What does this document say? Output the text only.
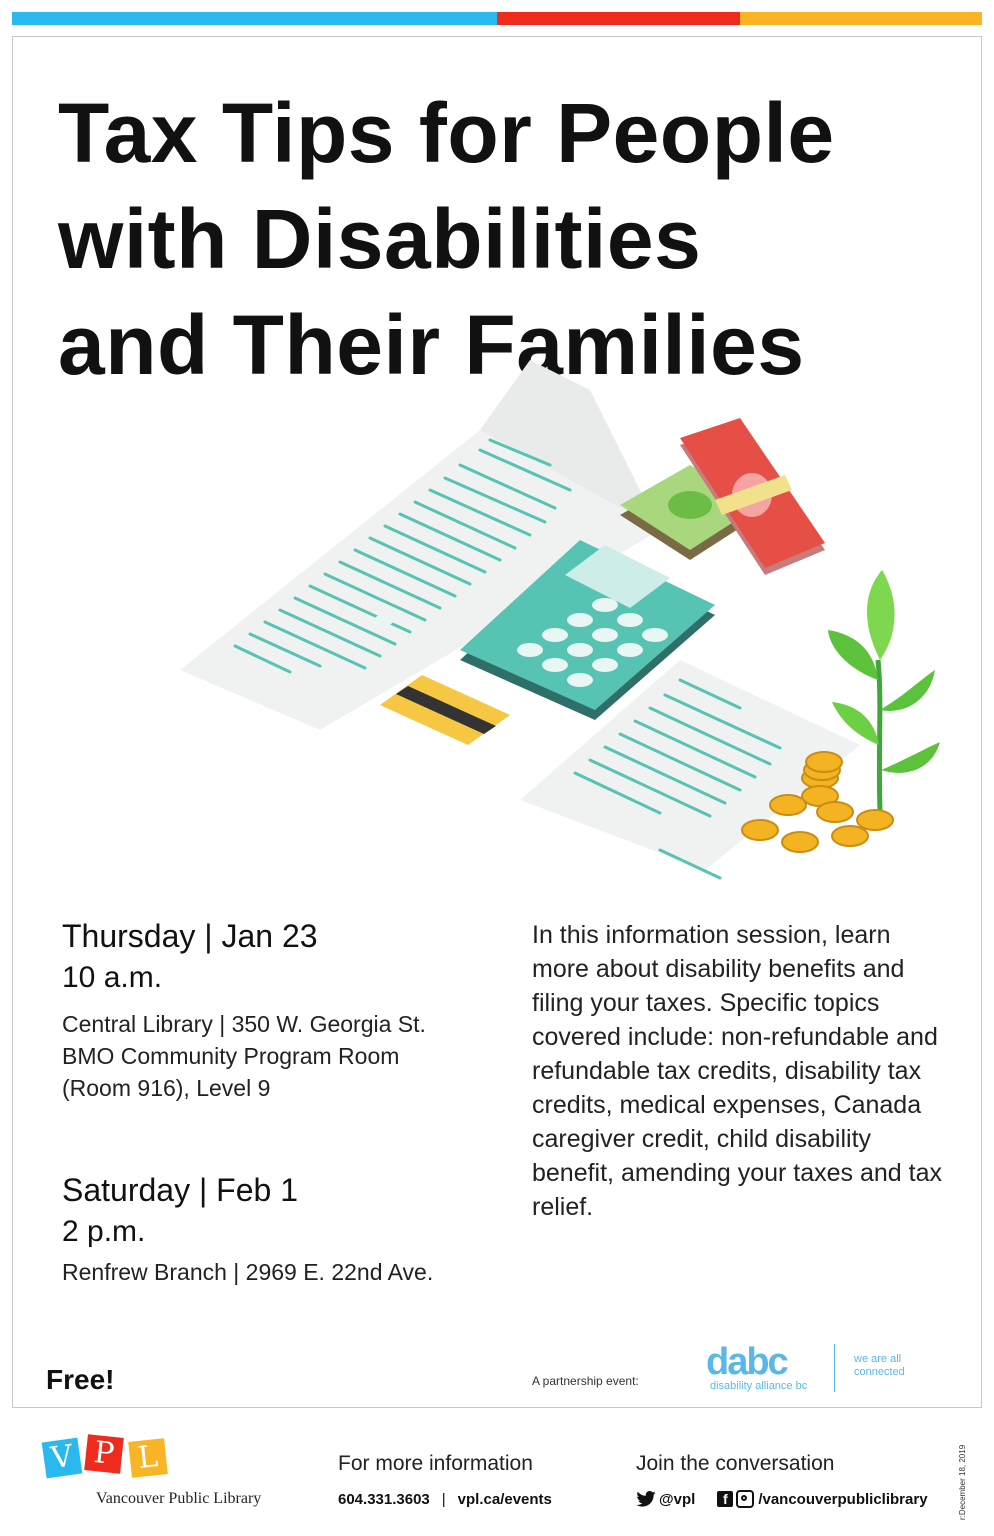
Tax Tips for People
with Disabilities
and Their Families
Thursday | Jan 23
10 a.m.
Central Library | 350 W. Georgia St.
BMO Community Program Room
(Room 916), Level 9
Saturday | Feb 1
2 p.m.
Renfrew Branch | 2969 E. 22nd Ave.

In this information session, learn more about disability benefits and filing your taxes. Specific topics covered include: non-refundable and refundable tax credits, disability tax credits, medical expenses, Canada caregiver credit, child disability benefit, amending your taxes and tax relief.

Free!	A partnership event: dabc
disability alliance bc
we are all connected
V P L
Vancouver Public Library
For more information
604.331.3603 | vpl.ca/events
Join the conversation
@vpl	f	/vancouverpubliclibrary	r:December 18, 2019
